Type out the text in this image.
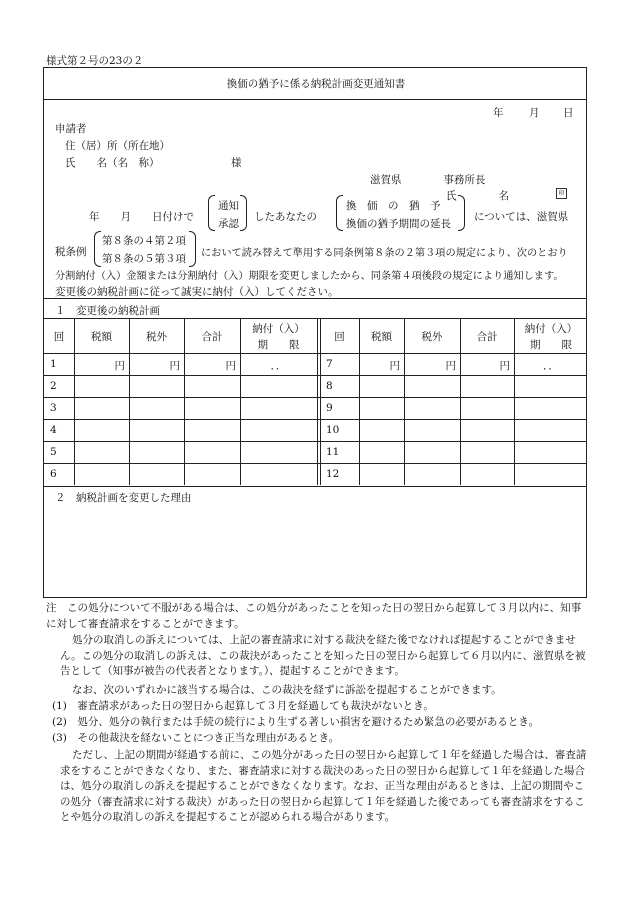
様式第２号の23の２
換価の猶予に係る納税計画変更通知書
年 月 日
申請者
住（居）所（所在地）
氏　　名（名　称）	様
滋賀県　　　　事務所長
氏　　　　名	印
年　　月　　日付けで
通知
承認
したあなたの
換　価　の　猶　予
換価の猶予期間の延長
については、滋賀県
税条例
第８条の４第２項
第８条の５第３項 において読み替えて準用する同条例第８条の２第３項の規定により、次のとおり
分割納付（入）金額または分割納付（入）期限を変更しましたから、同条第４項後段の規定により通知します。
変更後の納税計画に従って誠実に納付（入）してください。
１　変更後の納税計画
回	税額	税外	合計
納付（入）
期　　限
回	税額	税外	合計
納付（入）
期　　限
1	円	円	円	．．
2
3
4
5
6
7	円	円	円	．．
8
9
10
11
12
２　納税計画を変更した理由
注　この処分について不服がある場合は、この処分があったことを知った日の翌日から起算して３月以内に、知事に対して審査請求をすることができます。
処分の取消しの訴えについては、上記の審査請求に対する裁決を経た後でなければ提起することができません。この処分の取消しの訴えは、この裁決があったことを知った日の翌日から起算して６月以内に、滋賀県を被告として（知事が被告の代表者となります。）、提起することができます。
なお、次のいずれかに該当する場合は、この裁決を経ずに訴訟を提起することができます。
(1)　審査請求があった日の翌日から起算して３月を経過しても裁決がないとき。
(2)　処分、処分の執行または手続の続行により生ずる著しい損害を避けるため緊急の必要があるとき。
(3)　その他裁決を経ないことにつき正当な理由があるとき。
ただし、上記の期間が経過する前に、この処分があった日の翌日から起算して１年を経過した場合は、審査請求をすることができなくなり、また、審査請求に対する裁決のあった日の翌日から起算して１年を経過した場合は、処分の取消しの訴えを提起することができなくなります。なお、正当な理由があるときは、上記の期間やこの処分（審査請求に対する裁決）があった日の翌日から起算して１年を経過した後であっても審査請求をすることや処分の取消しの訴えを提起することが認められる場合があります。
